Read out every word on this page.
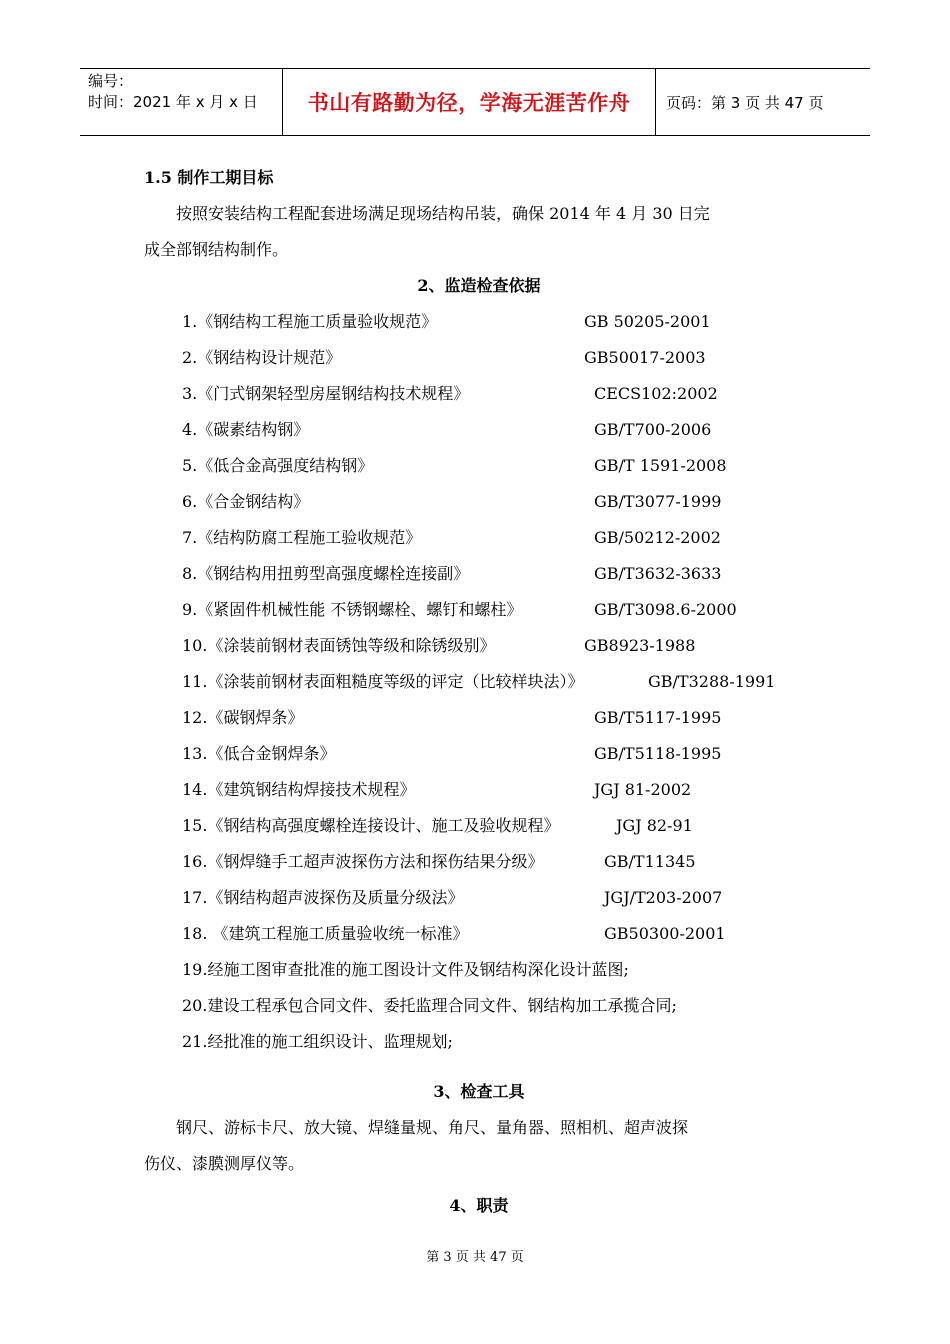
编号：
时间：2021 年 x 月 x 日	书山有路勤为径，学海无涯苦作舟	页码：第 3 页 共 47 页
1.5 制作工期目标
按照安装结构工程配套进场满足现场结构吊装，确保 2014 年 4 月 30 日完
成全部钢结构制作。
2、监造检查依据
1.《钢结构工程施工质量验收规范》	GB 50205-2001
2.《钢结构设计规范》	GB50017-2003
3.《门式钢架轻型房屋钢结构技术规程》	CECS102:2002
4.《碳素结构钢》	GB/T700-2006
5.《低合金高强度结构钢》	GB/T 1591-2008
6.《合金钢结构》	GB/T3077-1999
7.《结构防腐工程施工验收规范》	GB/50212-2002
8.《钢结构用扭剪型高强度螺栓连接副》	GB/T3632-3633
9.《紧固件机械性能 不锈钢螺栓、螺钉和螺柱》	GB/T3098.6-2000
10.《涂装前钢材表面锈蚀等级和除锈级别》	GB8923-1988
11.《涂装前钢材表面粗糙度等级的评定（比较样块法）》	GB/T3288-1991
12.《碳钢焊条》	GB/T5117-1995
13.《低合金钢焊条》	GB/T5118-1995
14.《建筑钢结构焊接技术规程》	JGJ 81-2002
15.《钢结构高强度螺栓连接设计、施工及验收规程》	JGJ 82-91
16.《钢焊缝手工超声波探伤方法和探伤结果分级》	GB/T11345
17.《钢结构超声波探伤及质量分级法》	JGJ/T203-2007
18. 《建筑工程施工质量验收统一标准》	GB50300-2001
19.经施工图审查批准的施工图设计文件及钢结构深化设计蓝图;
20.建设工程承包合同文件、委托监理合同文件、钢结构加工承揽合同;
21.经批准的施工组织设计、监理规划;
3、检查工具
钢尺、游标卡尺、放大镜、焊缝量规、角尺、量角器、照相机、超声波探
伤仪、漆膜测厚仪等。
4、职责
第 3 页 共 47 页
